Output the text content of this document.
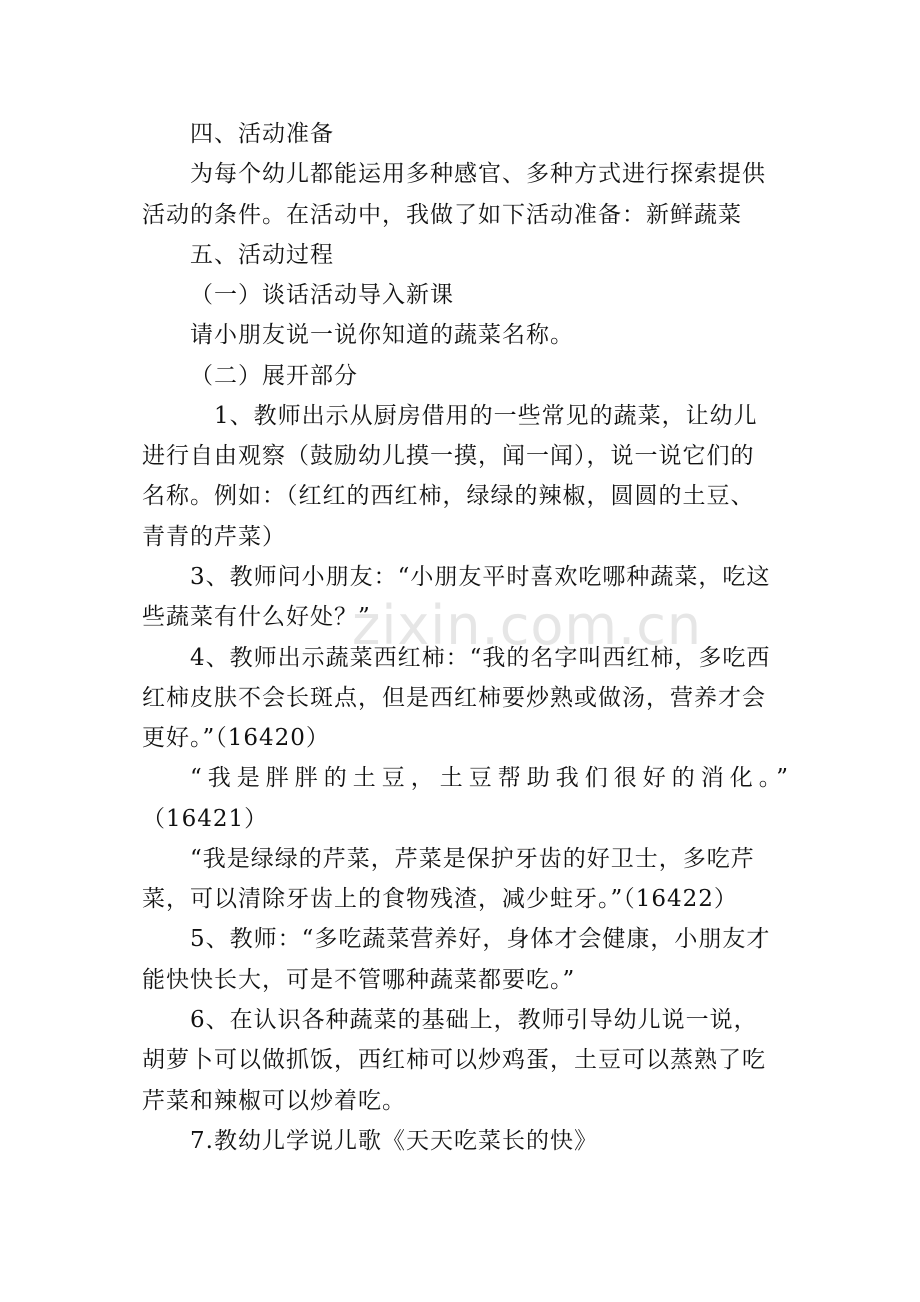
zixin.com.cn
四、活动准备
为每个幼儿都能运用多种感官、多种方式进行探索提供
活动的条件。在活动中，我做了如下活动准备：新鲜蔬菜
五、活动过程
（一）谈话活动导入新课
请小朋友说一说你知道的蔬菜名称。
（二）展开部分
1、教师出示从厨房借用的一些常见的蔬菜，让幼儿
进行自由观察（鼓励幼儿摸一摸，闻一闻），说一说它们的
名称。例如：（红红的西红柿，绿绿的辣椒，圆圆的土豆、
青青的芹菜）
3、教师问小朋友：“小朋友平时喜欢吃哪种蔬菜，吃这
些蔬菜有什么好处？”
4、教师出示蔬菜西红柿：“我的名字叫西红柿，多吃西
红柿皮肤不会长斑点，但是西红柿要炒熟或做汤，营养才会
更好。”（16420）
“我是胖胖的土豆，土豆帮助我们很好的消化。”
（16421）
“我是绿绿的芹菜，芹菜是保护牙齿的好卫士，多吃芹
菜，可以清除牙齿上的食物残渣，减少蛀牙。”（16422）
5、教师：“多吃蔬菜营养好，身体才会健康，小朋友才
能快快长大，可是不管哪种蔬菜都要吃。”
6、在认识各种蔬菜的基础上，教师引导幼儿说一说，
胡萝卜可以做抓饭，西红柿可以炒鸡蛋，土豆可以蒸熟了吃
芹菜和辣椒可以炒着吃。
7.教幼儿学说儿歌《天天吃菜长的快》
